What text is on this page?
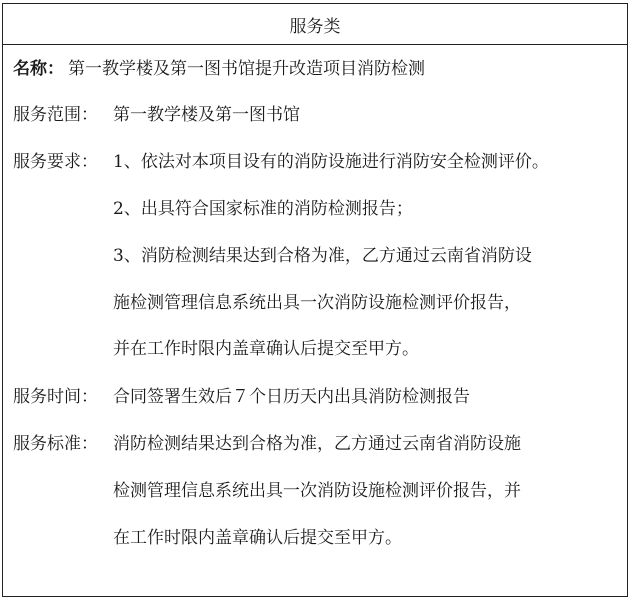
服务类
名称： 第一教学楼及第一图书馆提升改造项目消防检测
服务范围： 第一教学楼及第一图书馆
服务要求： 1、依法对本项目设有的消防设施进行消防安全检测评价。
2、出具符合国家标准的消防检测报告；
3、消防检测结果达到合格为准，乙方通过云南省消防设
施检测管理信息系统出具一次消防设施检测评价报告，
并在工作时限内盖章确认后提交至甲方。
服务时间： 合同签署生效后７个日历天内出具消防检测报告
服务标准： 消防检测结果达到合格为准，乙方通过云南省消防设施
检测管理信息系统出具一次消防设施检测评价报告，并
在工作时限内盖章确认后提交至甲方。
